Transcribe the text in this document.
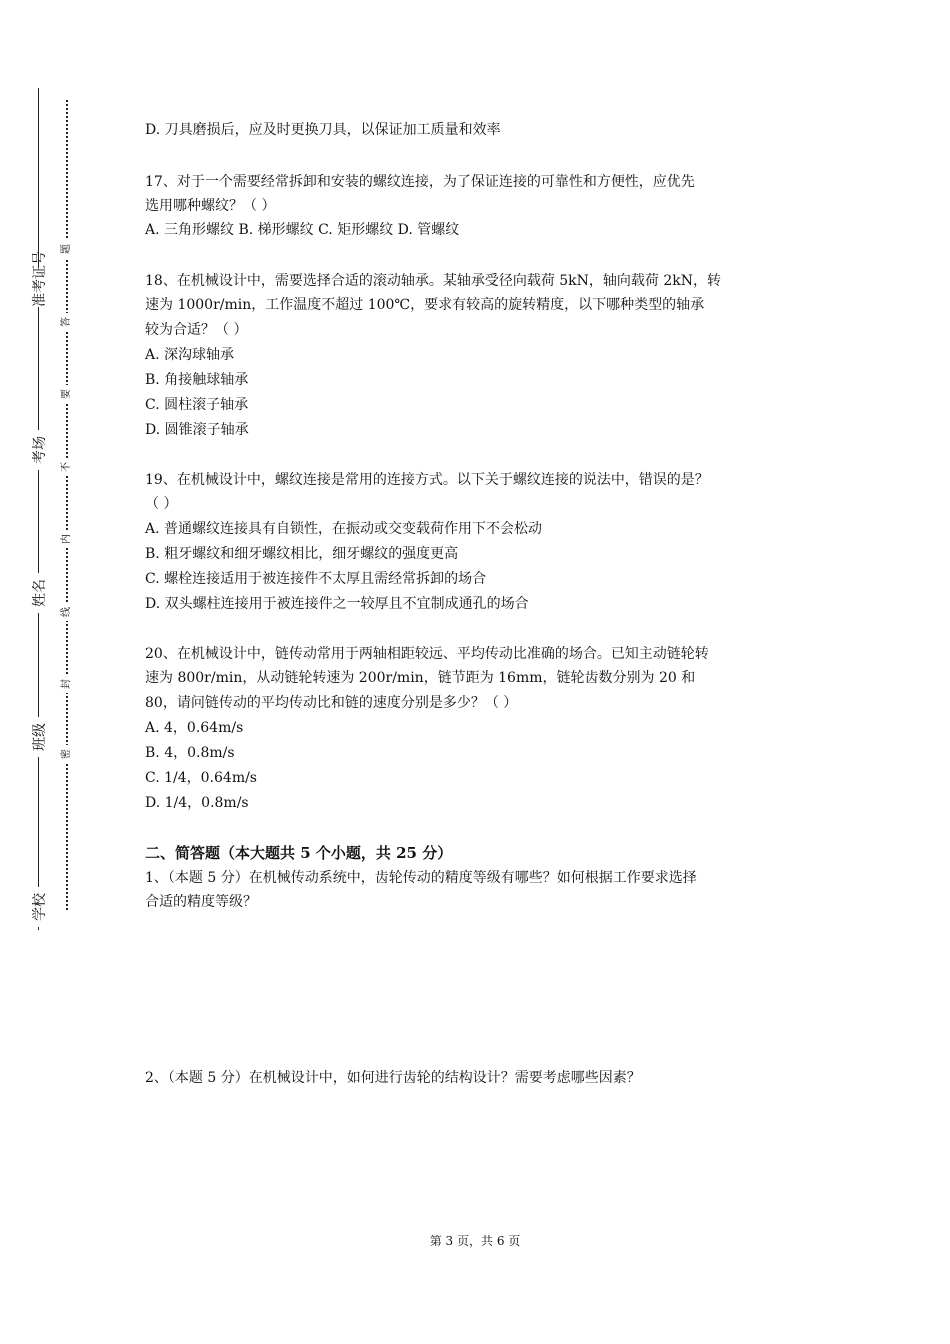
准考证号
考场
姓名
班级
学校
题
答
要
不
内
线
封
密
D. 刀具磨损后，应及时更换刀具，以保证加工质量和效率
17、对于一个需要经常拆卸和安装的螺纹连接，为了保证连接的可靠性和方便性，应优先
选用哪种螺纹？（ ）
A. 三角形螺纹 B. 梯形螺纹 C. 矩形螺纹 D. 管螺纹
18、在机械设计中，需要选择合适的滚动轴承。某轴承受径向载荷 5kN，轴向载荷 2kN，转
速为 1000r/min，工作温度不超过 100℃，要求有较高的旋转精度，以下哪种类型的轴承
较为合适？（ ）
A. 深沟球轴承
B. 角接触球轴承
C. 圆柱滚子轴承
D. 圆锥滚子轴承
19、在机械设计中，螺纹连接是常用的连接方式。以下关于螺纹连接的说法中，错误的是？
（ ）
A. 普通螺纹连接具有自锁性，在振动或交变载荷作用下不会松动
B. 粗牙螺纹和细牙螺纹相比，细牙螺纹的强度更高
C. 螺栓连接适用于被连接件不太厚且需经常拆卸的场合
D. 双头螺柱连接用于被连接件之一较厚且不宜制成通孔的场合
20、在机械设计中，链传动常用于两轴相距较远、平均传动比准确的场合。已知主动链轮转
速为 800r/min，从动链轮转速为 200r/min，链节距为 16mm，链轮齿数分别为 20 和
80，请问链传动的平均传动比和链的速度分别是多少？（ ）
A. 4，0.64m/s
B. 4，0.8m/s
C. 1/4，0.64m/s
D. 1/4，0.8m/s
二、简答题（本大题共 5 个小题，共 25 分）
1、（本题 5 分）在机械传动系统中，齿轮传动的精度等级有哪些？如何根据工作要求选择
合适的精度等级？
2、（本题 5 分）在机械设计中，如何进行齿轮的结构设计？需要考虑哪些因素？
第 3 页，共 6 页
